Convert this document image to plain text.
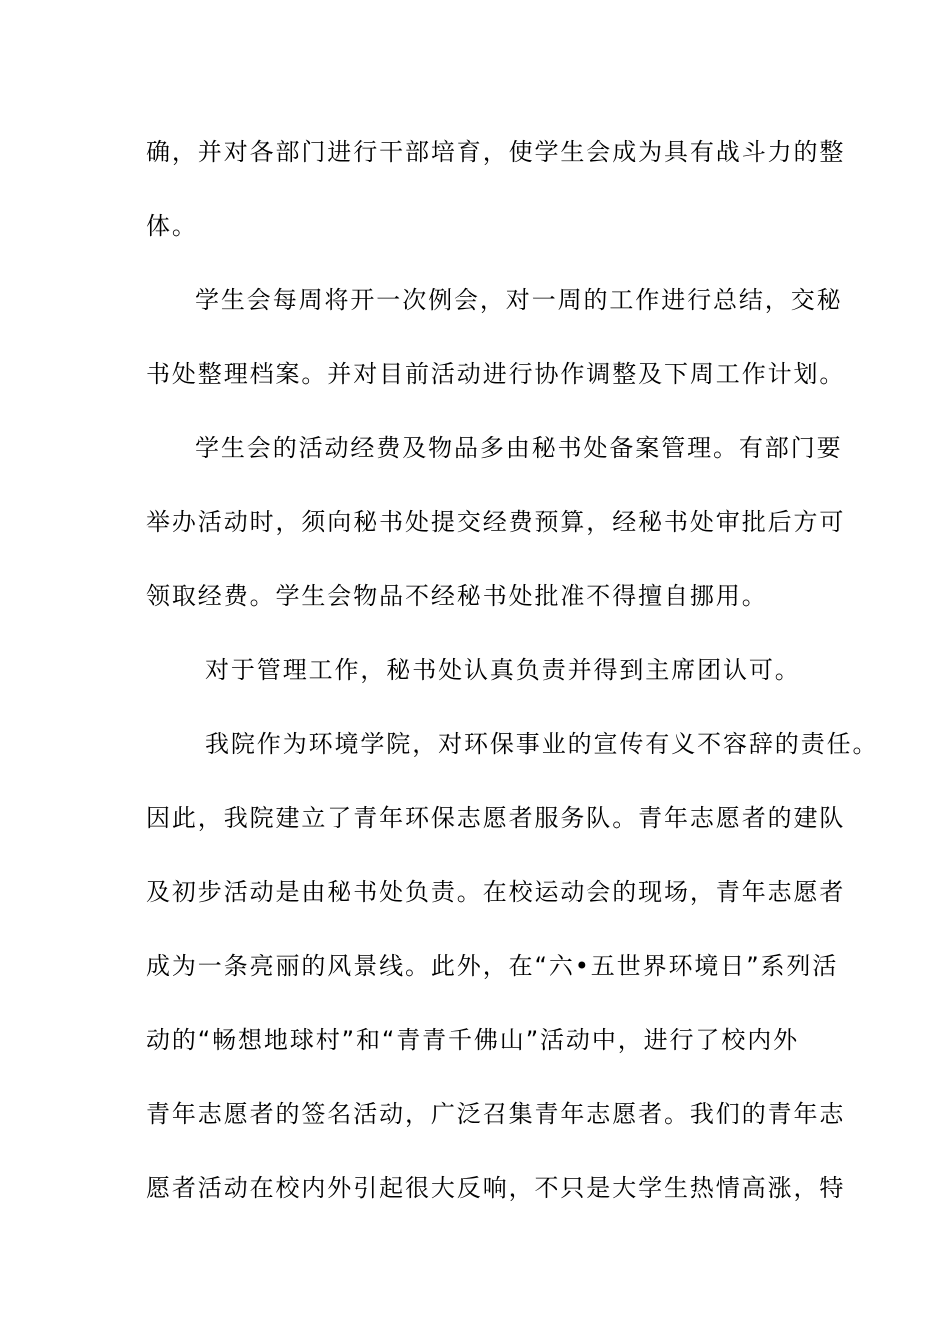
确，并对各部门进行干部培育，使学生会成为具有战斗力的整
体。
学生会每周将开一次例会，对一周的工作进行总结，交秘
书处整理档案。并对目前活动进行协作调整及下周工作计划。
学生会的活动经费及物品多由秘书处备案管理。有部门要
举办活动时，须向秘书处提交经费预算，经秘书处审批后方可
领取经费。学生会物品不经秘书处批准不得擅自挪用。
对于管理工作，秘书处认真负责并得到主席团认可。
我院作为环境学院，对环保事业的宣传有义不容辞的责任。
因此，我院建立了青年环保志愿者服务队。青年志愿者的建队
及初步活动是由秘书处负责。在校运动会的现场，青年志愿者
成为一条亮丽的风景线。此外，在“六•五世界环境日”系列活
动的“畅想地球村”和“青青千佛山”活动中，进行了校内外
青年志愿者的签名活动，广泛召集青年志愿者。我们的青年志
愿者活动在校内外引起很大反响，不只是大学生热情高涨，特
